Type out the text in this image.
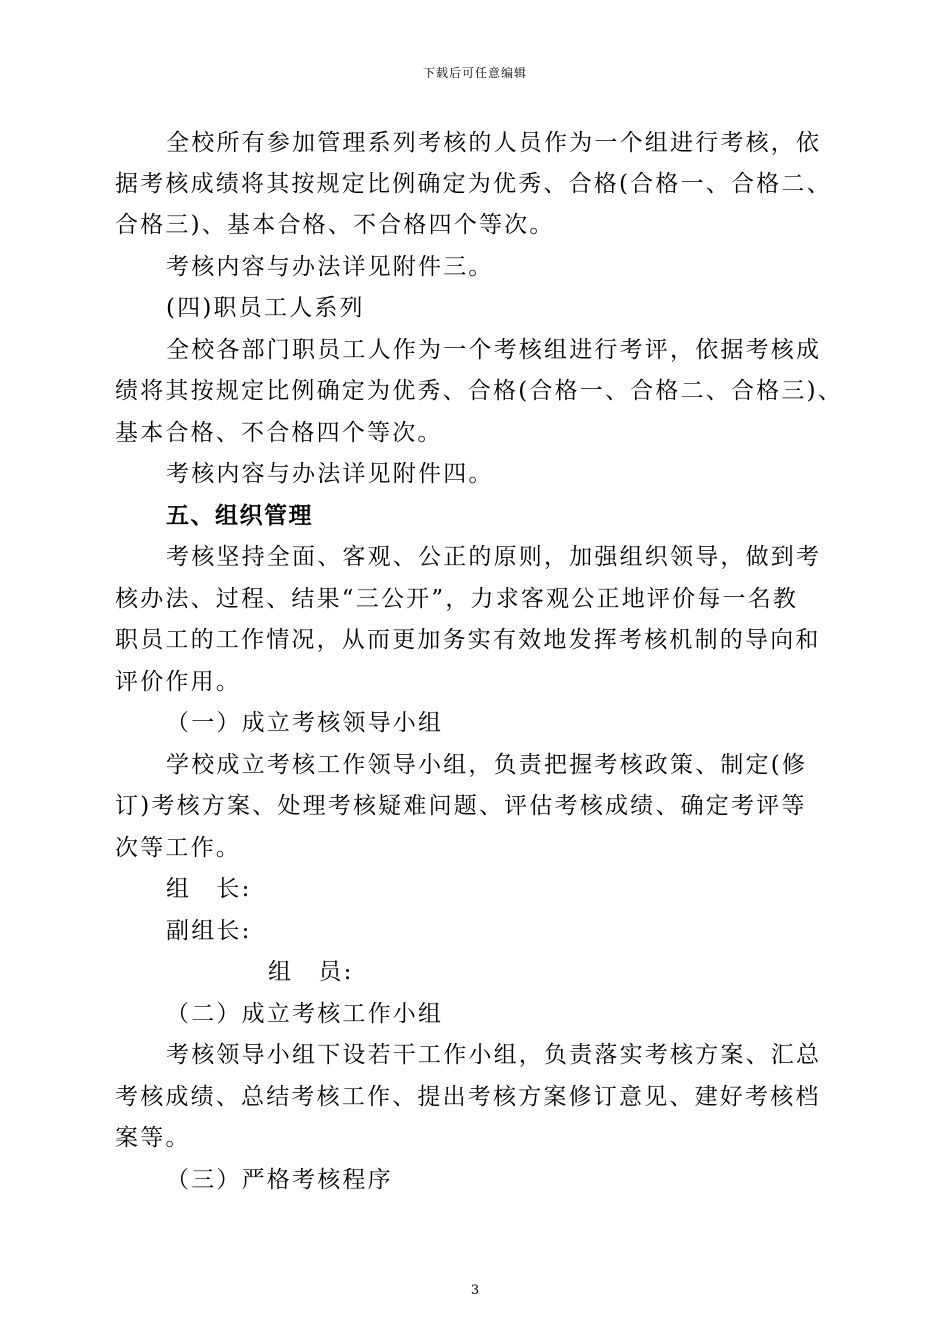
下载后可任意编辑
全校所有参加管理系列考核的人员作为一个组进行考核，依
据考核成绩将其按规定比例确定为优秀、合格(合格一、合格二、
合格三)、基本合格、不合格四个等次。
考核内容与办法详见附件三。
(四)职员工人系列
全校各部门职员工人作为一个考核组进行考评，依据考核成
绩将其按规定比例确定为优秀、合格(合格一、合格二、合格三)、
基本合格、不合格四个等次。
考核内容与办法详见附件四。
五、组织管理
考核坚持全面、客观、公正的原则，加强组织领导，做到考
核办法、过程、结果“三公开”，力求客观公正地评价每一名教
职员工的工作情况，从而更加务实有效地发挥考核机制的导向和
评价作用。
（一）成立考核领导小组
学校成立考核工作领导小组，负责把握考核政策、制定(修
订)考核方案、处理考核疑难问题、评估考核成绩、确定考评等
次等工作。
组　长:
副组长:
组　员:
（二）成立考核工作小组
考核领导小组下设若干工作小组，负责落实考核方案、汇总
考核成绩、总结考核工作、提出考核方案修订意见、建好考核档
案等。
（三）严格考核程序
3
